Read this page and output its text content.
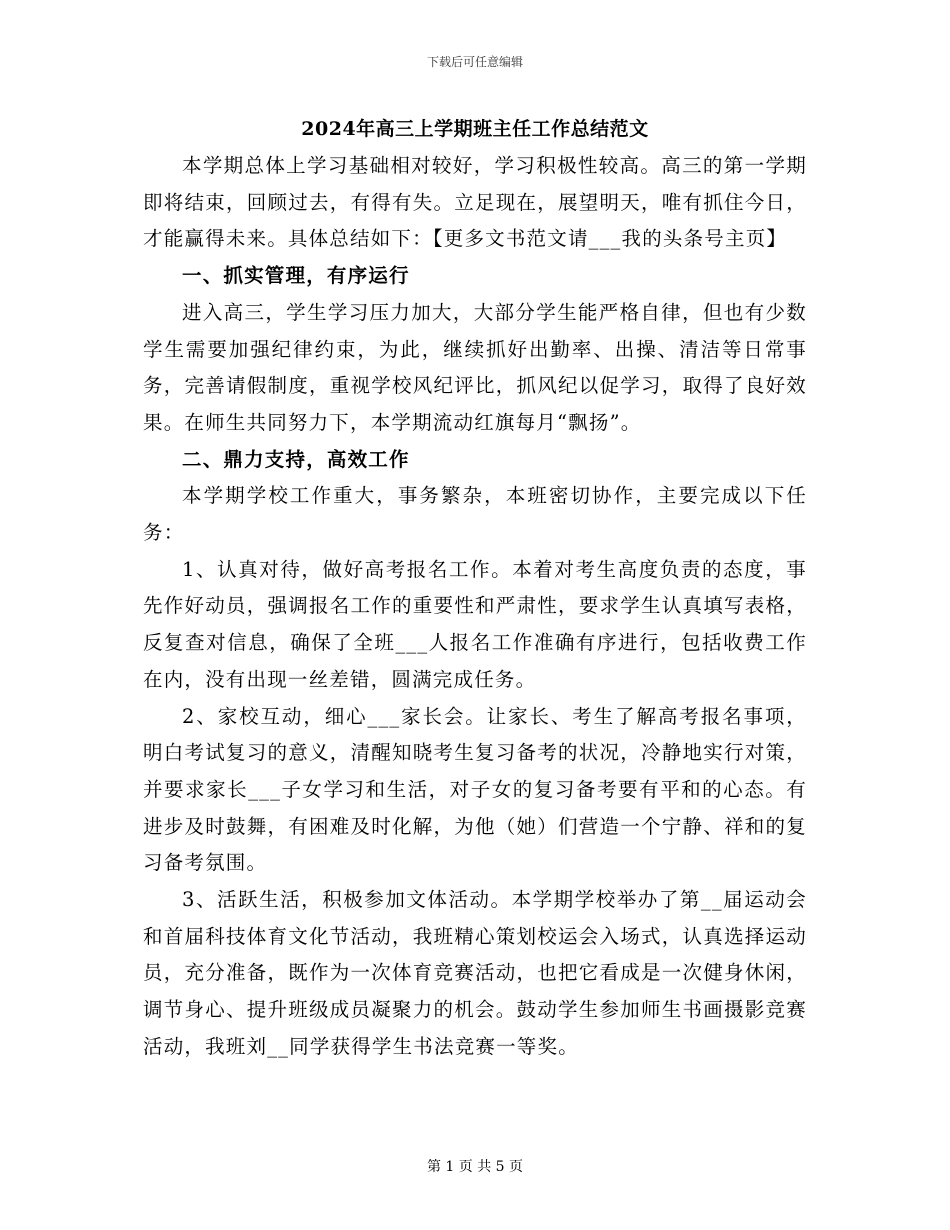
下载后可任意编辑
2024年高三上学期班主任工作总结范文

本学期总体上学习基础相对较好，学习积极性较高。高三的第一学期即将结束，回顾过去，有得有失。立足现在，展望明天，唯有抓住今日，才能赢得未来。具体总结如下：【更多文书范文请___我的头条号主页】

一、抓实管理，有序运行

进入高三，学生学习压力加大，大部分学生能严格自律，但也有少数学生需要加强纪律约束，为此，继续抓好出勤率、出操、清洁等日常事务，完善请假制度，重视学校风纪评比，抓风纪以促学习，取得了良好效果。在师生共同努力下，本学期流动红旗每月“飘扬”。

二、鼎力支持，高效工作

本学期学校工作重大，事务繁杂，本班密切协作，主要完成以下任务：

1、认真对待，做好高考报名工作。本着对考生高度负责的态度，事先作好动员，强调报名工作的重要性和严肃性，要求学生认真填写表格，反复查对信息，确保了全班___人报名工作准确有序进行，包括收费工作在内，没有出现一丝差错，圆满完成任务。

2、家校互动，细心___家长会。让家长、考生了解高考报名事项，明白考试复习的意义，清醒知晓考生复习备考的状况，冷静地实行对策，并要求家长___子女学习和生活，对子女的复习备考要有平和的心态。有进步及时鼓舞，有困难及时化解，为他（她）们营造一个宁静、祥和的复习备考氛围。

3、活跃生活，积极参加文体活动。本学期学校举办了第__届运动会和首届科技体育文化节活动，我班精心策划校运会入场式，认真选择运动员，充分准备，既作为一次体育竞赛活动，也把它看成是一次健身休闲，调节身心、提升班级成员凝聚力的机会。鼓动学生参加师生书画摄影竞赛活动，我班刘__同学获得学生书法竞赛一等奖。

第 1 页 共 5 页
